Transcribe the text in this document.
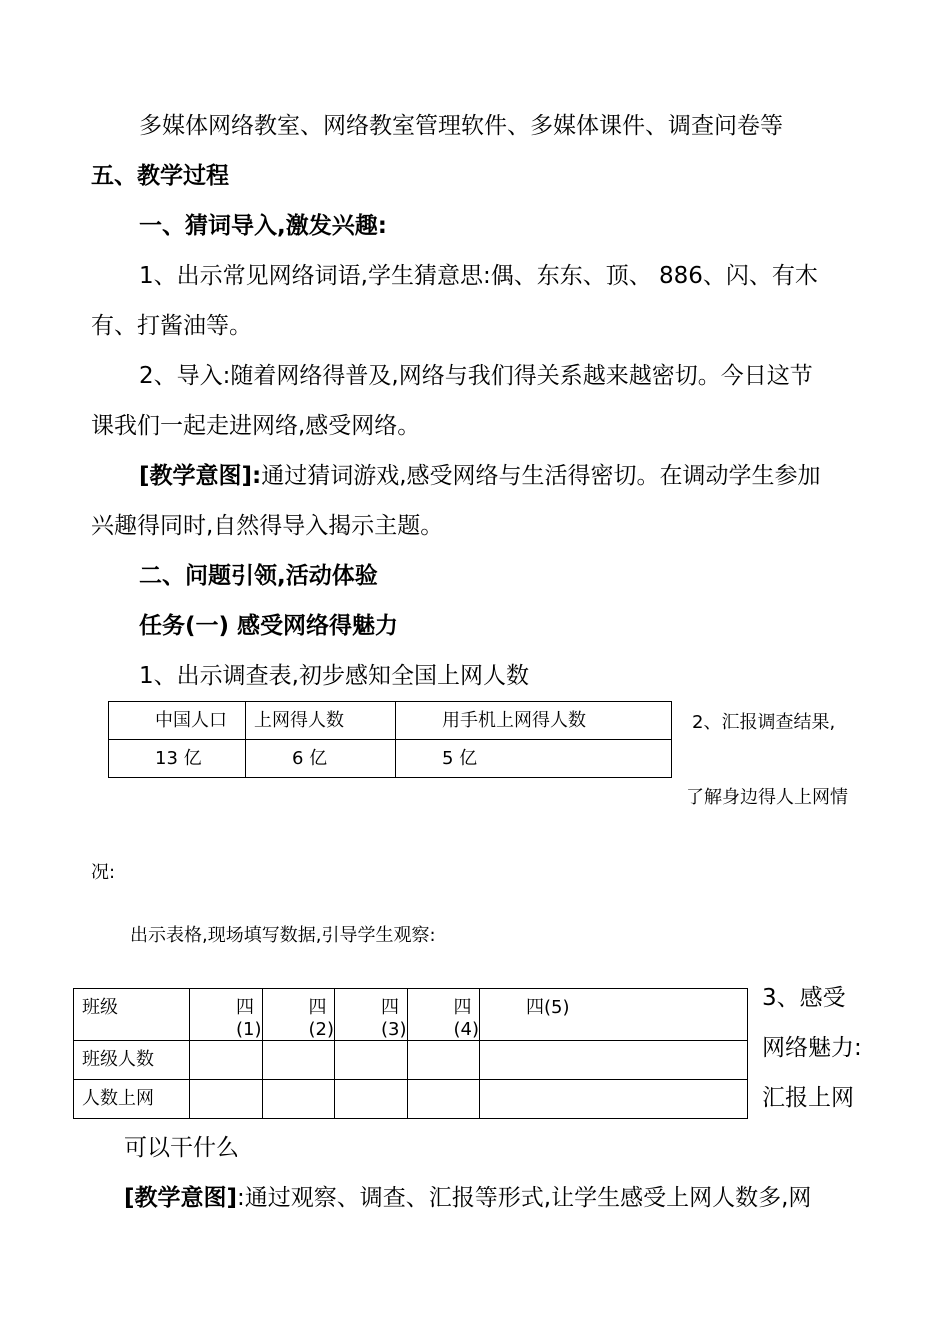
多媒体网络教室、网络教室管理软件、多媒体课件、调查问卷等
五、教学过程
一、猜词导入,激发兴趣:
1、出示常见网络词语,学生猜意思:偶、东东、顶、 886、闪、有木
有、打酱油等。
2、导入:随着网络得普及,网络与我们得关系越来越密切。今日这节
课我们一起走进网络,感受网络。
[教学意图]:通过猜词游戏,感受网络与生活得密切。在调动学生参加
兴趣得同时,自然得导入揭示主题。
二、问题引领,活动体验
任务(一) 感受网络得魅力
1、出示调查表,初步感知全国上网人数
中国人口	上网得人数	用手机上网得人数
13 亿	6 亿	5 亿
2、汇报调查结果,
了解身边得人上网情
况:
出示表格,现场填写数据,引导学生观察:
班级	四(1)	四(2)	四(3)	四(4)	四(5)
班级人数					
人数上网					
3、感受
网络魅力:
汇报上网
可以干什么
[教学意图]:通过观察、调查、汇报等形式,让学生感受上网人数多,网
